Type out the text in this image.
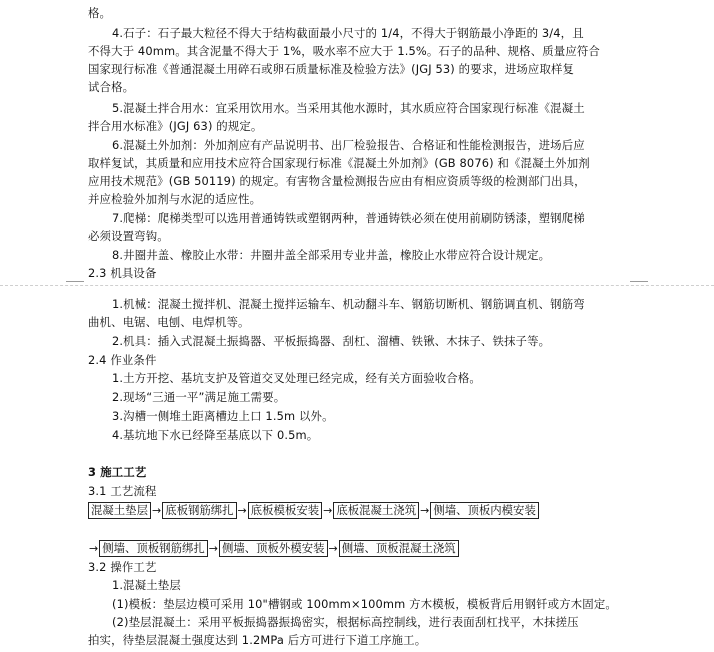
格。
4.石子：石子最大粒径不得大于结构截面最小尺寸的 1/4，不得大于钢筋最小净距的 3/4，且
不得大于 40mm。其含泥量不得大于 1%，吸水率不应大于 1.5%。石子的品种、规格、质量应符合
国家现行标准《普通混凝土用碎石或卵石质量标准及检验方法》(JGJ 53) 的要求，进场应取样复
试合格。
5.混凝土拌合用水：宜采用饮用水。当采用其他水源时，其水质应符合国家现行标准《混凝土
拌合用水标准》(JGJ 63) 的规定。
6.混凝土外加剂：外加剂应有产品说明书、出厂检验报告、合格证和性能检测报告，进场后应
取样复试，其质量和应用技术应符合国家现行标准《混凝土外加剂》(GB 8076) 和《混凝土外加剂
应用技术规范》(GB 50119) 的规定。有害物含量检测报告应由有相应资质等级的检测部门出具，
并应检验外加剂与水泥的适应性。
7.爬梯：爬梯类型可以选用普通铸铁或塑钢两种，普通铸铁必须在使用前刷防锈漆，塑钢爬梯
必须设置弯钩。
8.井圈井盖、橡胶止水带：井圈井盖全部采用专业井盖，橡胶止水带应符合设计规定。
2.3 机具设备
1.机械：混凝土搅拌机、混凝土搅拌运输车、机动翻斗车、钢筋切断机、钢筋调直机、钢筋弯
曲机、电锯、电刨、电焊机等。
2.机具：插入式混凝土振捣器、平板振捣器、刮杠、溜槽、铁锹、木抹子、铁抹子等。
2.4 作业条件
1.土方开挖、基坑支护及管道交叉处理已经完成，经有关方面验收合格。
2.现场“三通一平”满足施工需要。
3.沟槽一侧堆土距离槽边上口 1.5m 以外。
4.基坑地下水已经降至基底以下 0.5m。
3 施工工艺
3.1 工艺流程
混凝土垫层 → 底板钢筋绑扎 → 底板模板安装 → 底板混凝土浇筑 → 侧墙、顶板内模安装
→ 侧墙、顶板钢筋绑扎 → 侧墙、顶板外模安装 → 侧墙、顶板混凝土浇筑
3.2 操作工艺
1.混凝土垫层
(1)模板：垫层边模可采用 10"槽钢或 100mm×100mm 方木模板，模板背后用钢钎或方木固定。
(2)垫层混凝土：采用平板振捣器振捣密实，根据标高控制线，进行表面刮杠找平，木抹搓压
拍实，待垫层混凝土强度达到 1.2MPa 后方可进行下道工序施工。
